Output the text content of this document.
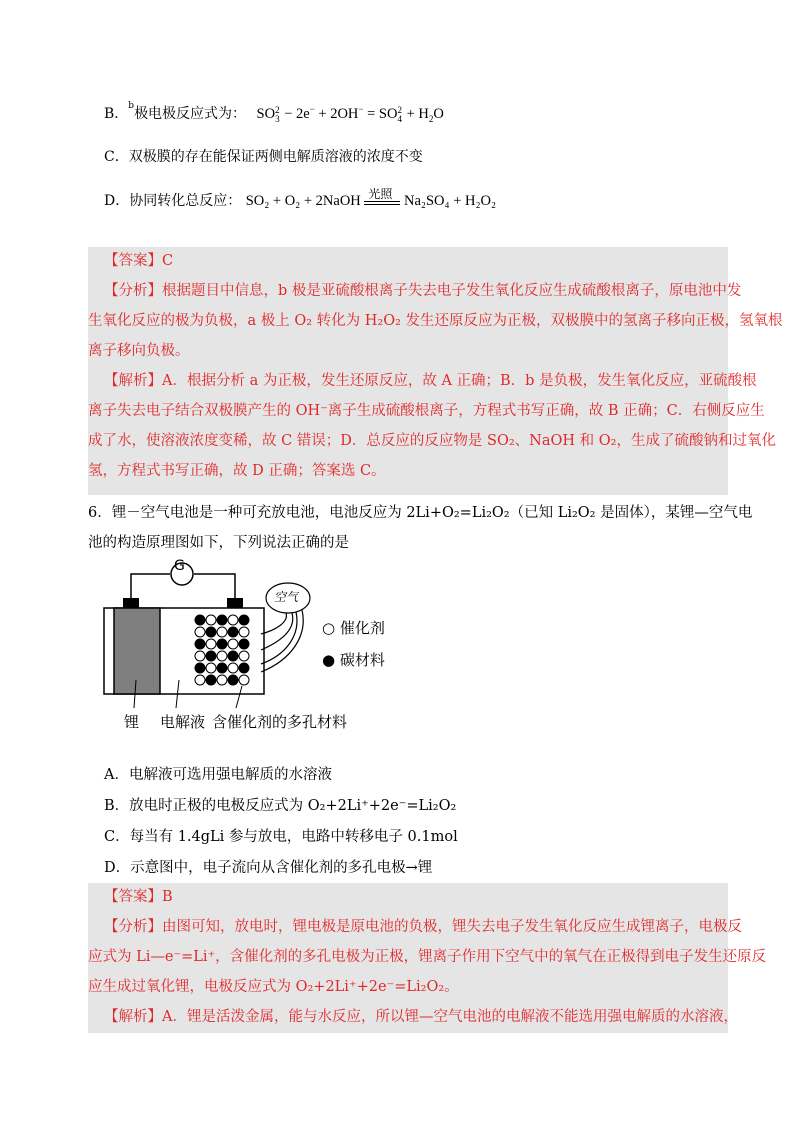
B．$^b$极电极反应式为： SO 2
3 − 2e− + 2OH− = SO 2
$4 + H_2O$
C．双极膜的存在能保证两侧电解质溶液的浓度不变
D．协同转化总反应： SO₂ + O₂ + 2NaOH 光照 Na₂SO₄ + H₂O₂
【答案】C
【分析】根据题目中信息，b 极是亚硫酸根离子失去电子发生氧化反应生成硫酸根离子，原电池中发
生氧化反应的极为负极，a 极上 O₂ 转化为 H₂O₂ 发生还原反应为正极，双极膜中的氢离子移向正极，氢氧根
离子移向负极。
【解析】A．根据分析 a 为正极，发生还原反应，故 A 正确；B．b 是负极，发生氧化反应，亚硫酸根
离子失去电子结合双极膜产生的 OH⁻离子生成硫酸根离子，方程式书写正确，故 B 正确；C．右侧反应生
成了水，使溶液浓度变稀，故 C 错误；D．总反应的反应物是 SO₂、NaOH 和 O₂，生成了硫酸钠和过氧化
氢，方程式书写正确，故 D 正确；答案选 C。
6．锂－空气电池是一种可充放电池，电池反应为 2Li+O₂=Li₂O₂（已知 Li₂O₂ 是固体），某锂—空气电
池的构造原理图如下，下列说法正确的是
G
空气
○ 催化剂
● 碳材料
锂 电解液 含催化剂的多孔材料
A．电解液可选用强电解质的水溶液
B．放电时正极的电极反应式为 O₂+2Li⁺+2e⁻=Li₂O₂
C．每当有 1.4gLi 参与放电，电路中转移电子 0.1mol
D．示意图中，电子流向从含催化剂的多孔电极→锂
【答案】B
【分析】由图可知，放电时，锂电极是原电池的负极，锂失去电子发生氧化反应生成锂离子，电极反
应式为 Li—e⁻=Li⁺，含催化剂的多孔电极为正极，锂离子作用下空气中的氧气在正极得到电子发生还原反
应生成过氧化锂，电极反应式为 O₂+2Li⁺+2e⁻=Li₂O₂。
【解析】A．锂是活泼金属，能与水反应，所以锂—空气电池的电解液不能选用强电解质的水溶液，
